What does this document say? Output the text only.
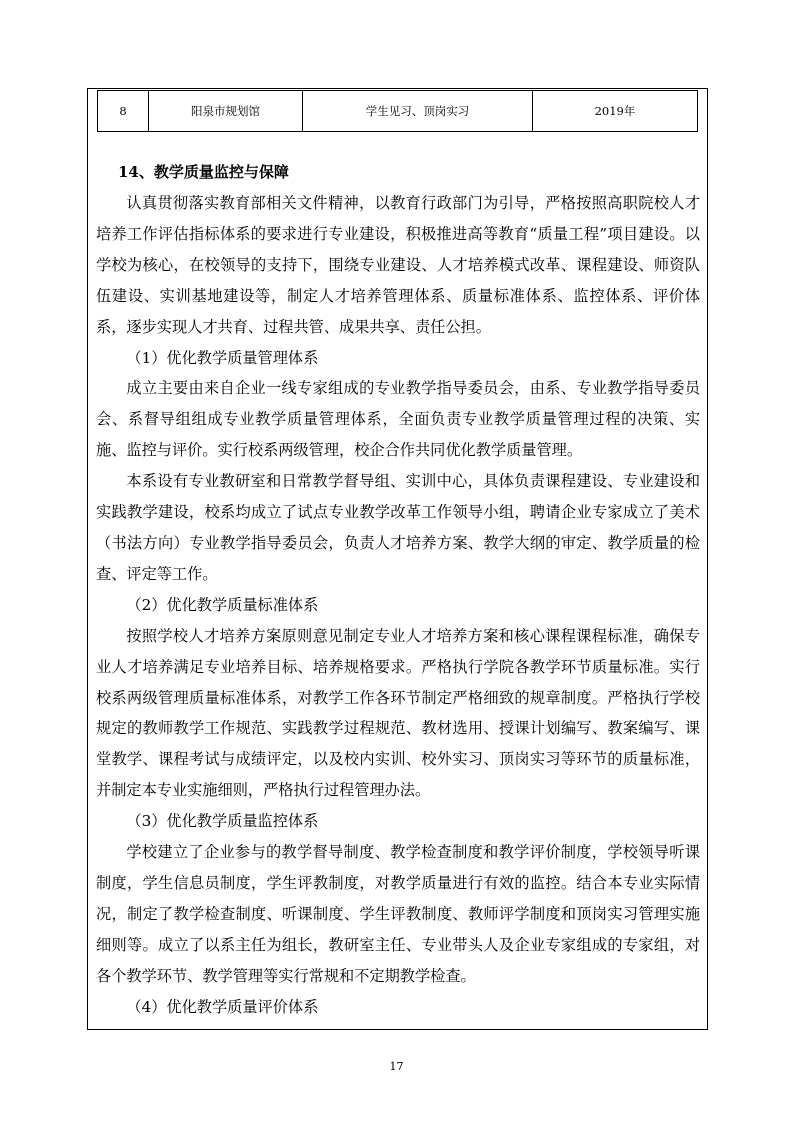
8	阳泉市规划馆	学生见习、顶岗实习	2019年
14、教学质量监控与保障

认真贯彻落实教育部相关文件精神，以教育行政部门为引导，严格按照高职院校人才培养工作评估指标体系的要求进行专业建设，积极推进高等教育“质量工程”项目建设。以学校为核心，在校领导的支持下，围绕专业建设、人才培养模式改革、课程建设、师资队伍建设、实训基地建设等，制定人才培养管理体系、质量标准体系、监控体系、评价体系，逐步实现人才共育、过程共管、成果共享、责任公担。

（1）优化教学质量管理体系

成立主要由来自企业一线专家组成的专业教学指导委员会，由系、专业教学指导委员会、系督导组组成专业教学质量管理体系，全面负责专业教学质量管理过程的决策、实施、监控与评价。实行校系两级管理，校企合作共同优化教学质量管理。

本系设有专业教研室和日常教学督导组、实训中心，具体负责课程建设、专业建设和实践教学建设，校系均成立了试点专业教学改革工作领导小组，聘请企业专家成立了美术（书法方向）专业教学指导委员会，负责人才培养方案、教学大纲的审定、教学质量的检查、评定等工作。

（2）优化教学质量标准体系

按照学校人才培养方案原则意见制定专业人才培养方案和核心课程课程标准，确保专业人才培养满足专业培养目标、培养规格要求。严格执行学院各教学环节质量标准。实行校系两级管理质量标准体系，对教学工作各环节制定严格细致的规章制度。严格执行学校规定的教师教学工作规范、实践教学过程规范、教材选用、授课计划编写、教案编写、课堂教学、课程考试与成绩评定，以及校内实训、校外实习、顶岗实习等环节的质量标准，并制定本专业实施细则，严格执行过程管理办法。

（3）优化教学质量监控体系

学校建立了企业参与的教学督导制度、教学检查制度和教学评价制度，学校领导听课制度，学生信息员制度，学生评教制度，对教学质量进行有效的监控。结合本专业实际情况，制定了教学检查制度、听课制度、学生评教制度、教师评学制度和顶岗实习管理实施细则等。成立了以系主任为组长，教研室主任、专业带头人及企业专家组成的专家组，对各个教学环节、教学管理等实行常规和不定期教学检查。

（4）优化教学质量评价体系

17
